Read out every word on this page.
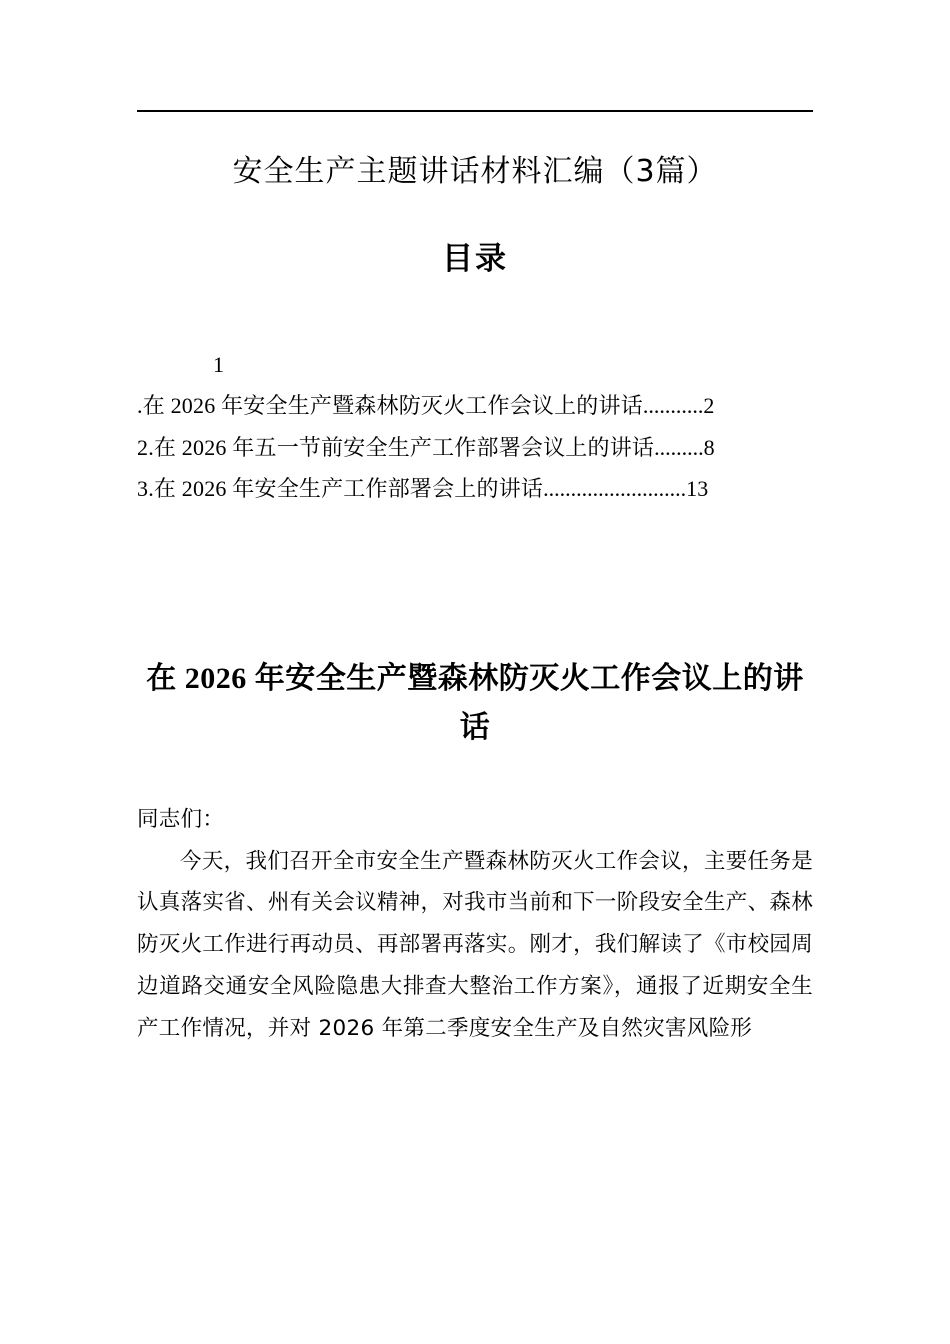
安全生产主题讲话材料汇编（3篇）
目录
1
.在 2026 年安全生产暨森林防灭火工作会议上的讲话...........2
2.在 2026 年五一节前安全生产工作部署会议上的讲话.........8
3.在 2026 年安全生产工作部署会上的讲话..........................13
在 2026 年安全生产暨森林防灭火工作会议上的讲话

同志们：

今天，我们召开全市安全生产暨森林防灭火工作会议，主要任务是认真落实省、州有关会议精神，对我市当前和下一阶段安全生产、森林防灭火工作进行再动员、再部署再落实。刚才，我们解读了《市校园周边道路交通安全风险隐患大排查大整治工作方案》，通报了近期安全生产工作情况，并对 2026 年第二季度安全生产及自然灾害风险形
